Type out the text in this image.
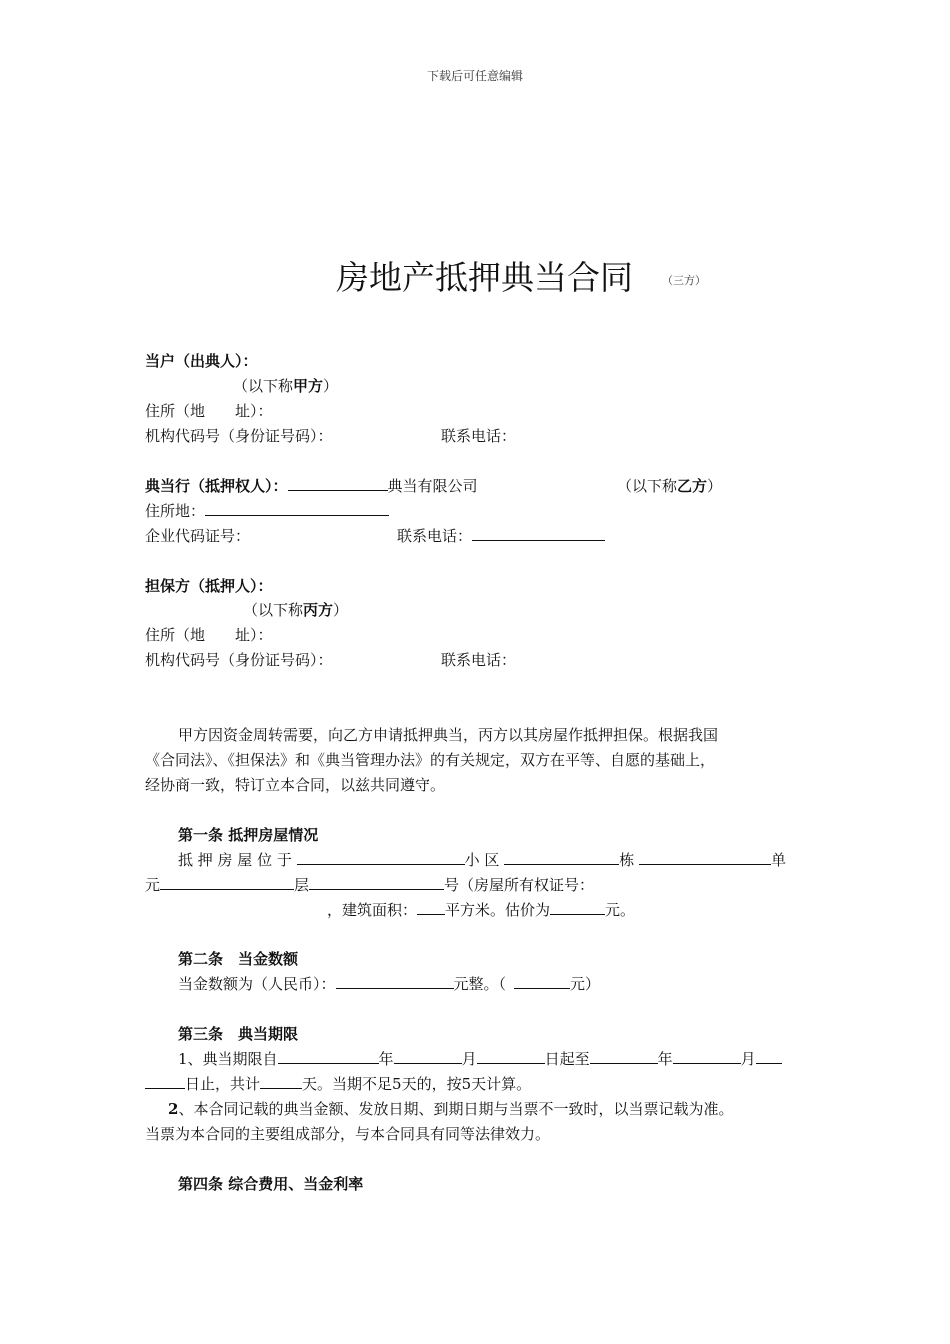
下载后可任意编辑
房地产抵押典当合同	（三方）
当户（出典人）：
（以下称甲方）
住所（地　　址）：
机构代码号（身份证号码）：	联系电话：
典当行（抵押权人）：	典当有限公司	（以下称乙方）
住所地：
企业代码证号：	联系电话：
担保方（抵押人）：
（以下称丙方）
住所（地　　址）：
机构代码号（身份证号码）：	联系电话：
甲方因资金周转需要，向乙方申请抵押典当，丙方以其房屋作抵押担保。根据我国
《合同法》、《担保法》和《典当管理办法》的有关规定，双方在平等、自愿的基础上，
经协商一致，特订立本合同，以兹共同遵守。
第一条 抵押房屋情况
抵 押 房 屋 位 于	小 区	栋	单
元	层	号（房屋所有权证号：
，建筑面积： 平方米。估价为	元。
第二条　当金数额
当金数额为（人民币）：	元整。（	元）
第三条　典当期限
1、典当期限自	年	月	日起至	年	月
日止，共计	天。当期不足5天的，按5天计算。
2、本合同记载的典当金额、发放日期、到期日期与当票不一致时，以当票记载为准。
当票为本合同的主要组成部分，与本合同具有同等法律效力。
第四条 综合费用、当金利率
